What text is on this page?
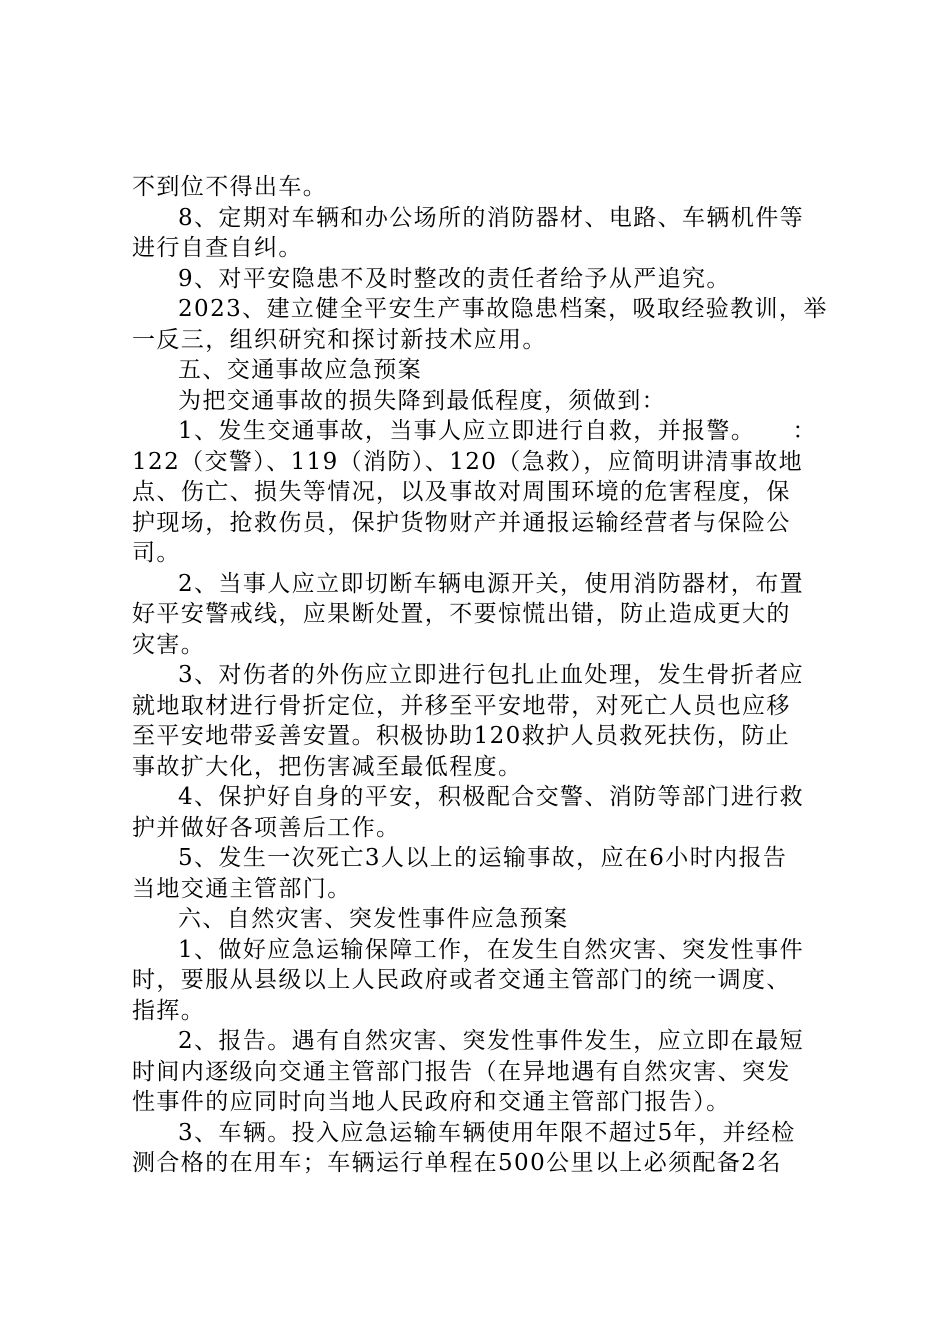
不到位不得出车。
8、定期对车辆和办公场所的消防器材、电路、车辆机件等
进行自查自纠。
9、对平安隐患不及时整改的责任者给予从严追究。
2023、建立健全平安生产事故隐患档案，吸取经验教训，举
一反三，组织研究和探讨新技术应用。
五、交通事故应急预案
为把交通事故的损失降到最低程度，须做到：
1、发生交通事故，当事人应立即进行自救，并报警。　　：
122（交警）、119（消防）、120（急救），应简明讲清事故地
点、伤亡、损失等情况，以及事故对周围环境的危害程度，保
护现场，抢救伤员，保护货物财产并通报运输经营者与保险公
司。
2、当事人应立即切断车辆电源开关，使用消防器材，布置
好平安警戒线，应果断处置，不要惊慌出错，防止造成更大的
灾害。
3、对伤者的外伤应立即进行包扎止血处理，发生骨折者应
就地取材进行骨折定位，并移至平安地带，对死亡人员也应移
至平安地带妥善安置。积极协助120救护人员救死扶伤，防止
事故扩大化，把伤害减至最低程度。
4、保护好自身的平安，积极配合交警、消防等部门进行救
护并做好各项善后工作。
5、发生一次死亡3人以上的运输事故，应在6小时内报告
当地交通主管部门。
六、自然灾害、突发性事件应急预案
1、做好应急运输保障工作，在发生自然灾害、突发性事件
时，要服从县级以上人民政府或者交通主管部门的统一调度、
指挥。
2、报告。遇有自然灾害、突发性事件发生，应立即在最短
时间内逐级向交通主管部门报告（在异地遇有自然灾害、突发
性事件的应同时向当地人民政府和交通主管部门报告）。
3、车辆。投入应急运输车辆使用年限不超过5年，并经检
测合格的在用车；车辆运行单程在500公里以上必须配备2名
